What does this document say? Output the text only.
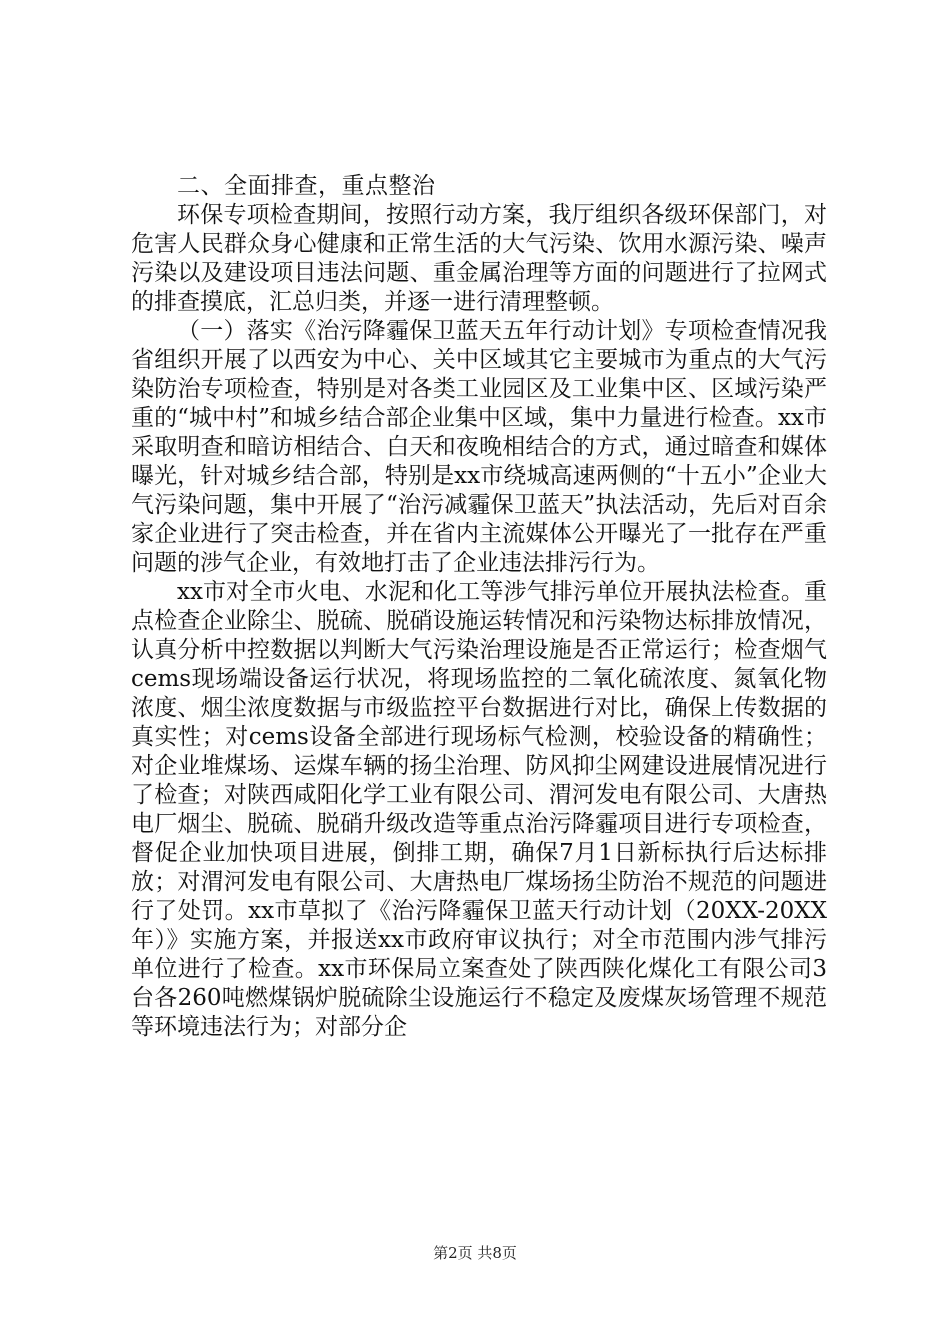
二、全面排查，重点整治

环保专项检查期间，按照行动方案，我厅组织各级环保部门，对危害人民群众身心健康和正常生活的大气污染、饮用水源污染、噪声污染以及建设项目违法问题、重金属治理等方面的问题进行了拉网式的排查摸底，汇总归类，并逐一进行清理整顿。

（一）落实《治污降霾保卫蓝天五年行动计划》专项检查情况我省组织开展了以西安为中心、关中区域其它主要城市为重点的大气污染防治专项检查，特别是对各类工业园区及工业集中区、区域污染严重的“城中村”和城乡结合部企业集中区域，集中力量进行检查。xx市采取明查和暗访相结合、白天和夜晚相结合的方式，通过暗查和媒体曝光，针对城乡结合部，特别是xx市绕城高速两侧的“十五小”企业大气污染问题，集中开展了“治污减霾保卫蓝天”执法活动，先后对百余家企业进行了突击检查，并在省内主流媒体公开曝光了一批存在严重问题的涉气企业，有效地打击了企业违法排污行为。

xx市对全市火电、水泥和化工等涉气排污单位开展执法检查。重点检查企业除尘、脱硫、脱硝设施运转情况和污染物达标排放情况，认真分析中控数据以判断大气污染治理设施是否正常运行；检查烟气cems现场端设备运行状况，将现场监控的二氧化硫浓度、氮氧化物浓度、烟尘浓度数据与市级监控平台数据进行对比，确保上传数据的真实性；对cems设备全部进行现场标气检测，校验设备的精确性；对企业堆煤场、运煤车辆的扬尘治理、防风抑尘网建设进展情况进行了检查；对陕西咸阳化学工业有限公司、渭河发电有限公司、大唐热电厂烟尘、脱硫、脱硝升级改造等重点治污降霾项目进行专项检查，督促企业加快项目进展，倒排工期，确保7月1日新标执行后达标排放；对渭河发电有限公司、大唐热电厂煤场扬尘防治不规范的问题进行了处罚。xx市草拟了《治污降霾保卫蓝天行动计划（20XX-20XX年）》实施方案，并报送xx市政府审议执行；对全市范围内涉气排污单位进行了检查。xx市环保局立案查处了陕西陕化煤化工有限公司3台各260吨燃煤锅炉脱硫除尘设施运行不稳定及废煤灰场管理不规范等环境违法行为；对部分企

第2页 共8页
